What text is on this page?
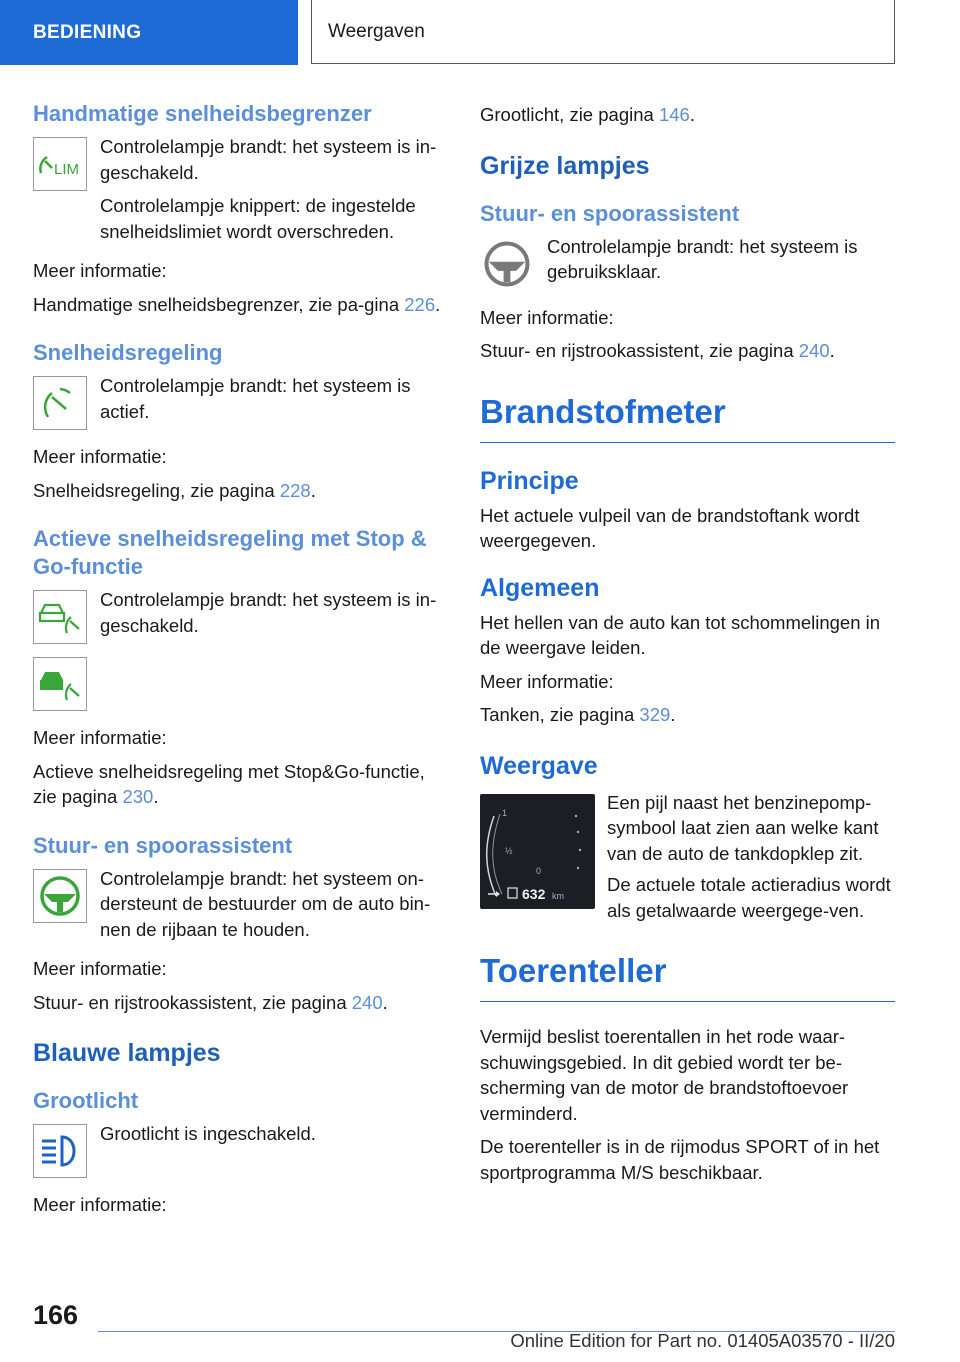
BEDIENING	Weergaven
Handmatige snelheidsbegrenzer
LIM

Controlelampje brandt: het systeem is in-geschakeld.

Controlelampje knippert: de ingestelde snelheidslimiet wordt overschreden.

Meer informatie:

Handmatige snelheidsbegrenzer, zie pa-gina 226.

Snelheidsregeling

Controlelampje brandt: het systeem is actief.

Meer informatie:

Snelheidsregeling, zie pagina 228.

Actieve snelheidsregeling met Stop & Go-functie

Controlelampje brandt: het systeem is in-geschakeld.

Meer informatie:

Actieve snelheidsregeling met Stop&Go-functie, zie pagina 230.

Stuur- en spoorassistent

Controlelampje brandt: het systeem on-dersteunt de bestuurder om de auto bin-nen de rijbaan te houden.

Meer informatie:

Stuur- en rijstrookassistent, zie pagina 240.

Blauwe lampjes
Grootlicht

Grootlicht is ingeschakeld.

Meer informatie:

Grootlicht, zie pagina 146.

Grijze lampjes
Stuur- en spoorassistent

Controlelampje brandt: het systeem is gebruiksklaar.

Meer informatie:

Stuur- en rijstrookassistent, zie pagina 240.

Brandstofmeter
Principe

Het actuele vulpeil van de brandstoftank wordt weergegeven.

Algemeen

Het hellen van de auto kan tot schommelingen in de weergave leiden.

Meer informatie:

Tanken, zie pagina 329.

Weergave
1
½
0
632 km

Een pijl naast het benzinepomp-symbool laat zien aan welke kant van de auto de tankdopklep zit.

De actuele totale actieradius wordt als getalwaarde weergege-ven.

Toerenteller

Vermijd beslist toerentallen in het rode waar-schuwingsgebied. In dit gebied wordt ter be-scherming van de motor de brandstoftoevoer verminderd.

De toerenteller is in de rijmodus SPORT of in het sportprogramma M/S beschikbaar.

166
Online Edition for Part no. 01405A03570 - II/20
